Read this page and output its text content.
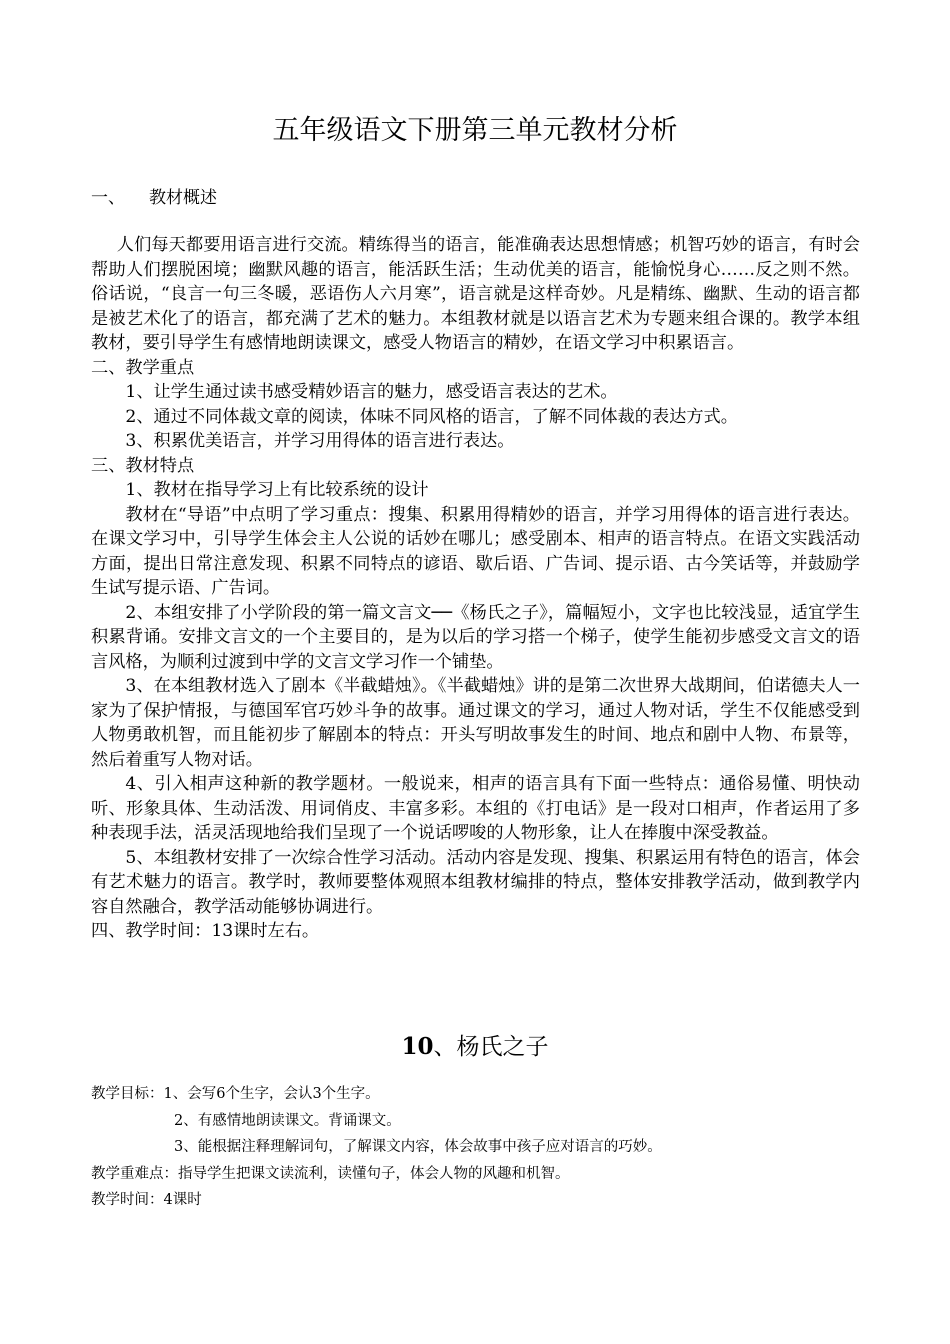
五年级语文下册第三单元教材分析

一、 教材概述

人们每天都要用语言进行交流。精练得当的语言，能准确表达思想情感；机智巧妙的语言，有时会帮助人们摆脱困境；幽默风趣的语言，能活跃生活；生动优美的语言，能愉悦身心……反之则不然。俗话说，“良言一句三冬暖，恶语伤人六月寒”，语言就是这样奇妙。凡是精练、幽默、生动的语言都是被艺术化了的语言，都充满了艺术的魅力。本组教材就是以语言艺术为专题来组合课的。教学本组教材，要引导学生有感情地朗读课文，感受人物语言的精妙，在语文学习中积累语言。

二、教学重点

1、让学生通过读书感受精妙语言的魅力，感受语言表达的艺术。

2、通过不同体裁文章的阅读，体味不同风格的语言，了解不同体裁的表达方式。

3、积累优美语言，并学习用得体的语言进行表达。

三、教材特点

1、教材在指导学习上有比较系统的设计

教材在“导语”中点明了学习重点：搜集、积累用得精妙的语言，并学习用得体的语言进行表达。在课文学习中，引导学生体会主人公说的话妙在哪儿；感受剧本、相声的语言特点。在语文实践活动方面，提出日常注意发现、积累不同特点的谚语、歇后语、广告词、提示语、古今笑话等，并鼓励学生试写提示语、广告词。

2、本组安排了小学阶段的第一篇文言文──《杨氏之子》，篇幅短小，文字也比较浅显，适宜学生积累背诵。安排文言文的一个主要目的，是为以后的学习搭一个梯子，使学生能初步感受文言文的语言风格，为顺利过渡到中学的文言文学习作一个铺垫。

3、在本组教材选入了剧本《半截蜡烛》。《半截蜡烛》讲的是第二次世界大战期间，伯诺德夫人一家为了保护情报，与德国军官巧妙斗争的故事。通过课文的学习，通过人物对话，学生不仅能感受到人物勇敢机智，而且能初步了解剧本的特点：开头写明故事发生的时间、地点和剧中人物、布景等，然后着重写人物对话。

4、引入相声这种新的教学题材。一般说来，相声的语言具有下面一些特点：通俗易懂、明快动听、形象具体、生动活泼、用词俏皮、丰富多彩。本组的《打电话》是一段对口相声，作者运用了多种表现手法，活灵活现地给我们呈现了一个说话啰唆的人物形象，让人在捧腹中深受教益。

5、本组教材安排了一次综合性学习活动。活动内容是发现、搜集、积累运用有特色的语言，体会有艺术魅力的语言。教学时，教师要整体观照本组教材编排的特点，整体安排教学活动，做到教学内容自然融合，教学活动能够协调进行。

四、教学时间：13课时左右。

10、杨氏之子

教学目标：1、会写6个生字，会认3个生字。

2、有感情地朗读课文。背诵课文。

3、能根据注释理解词句，了解课文内容，体会故事中孩子应对语言的巧妙。

教学重难点：指导学生把课文读流利，读懂句子，体会人物的风趣和机智。

教学时间：4课时
